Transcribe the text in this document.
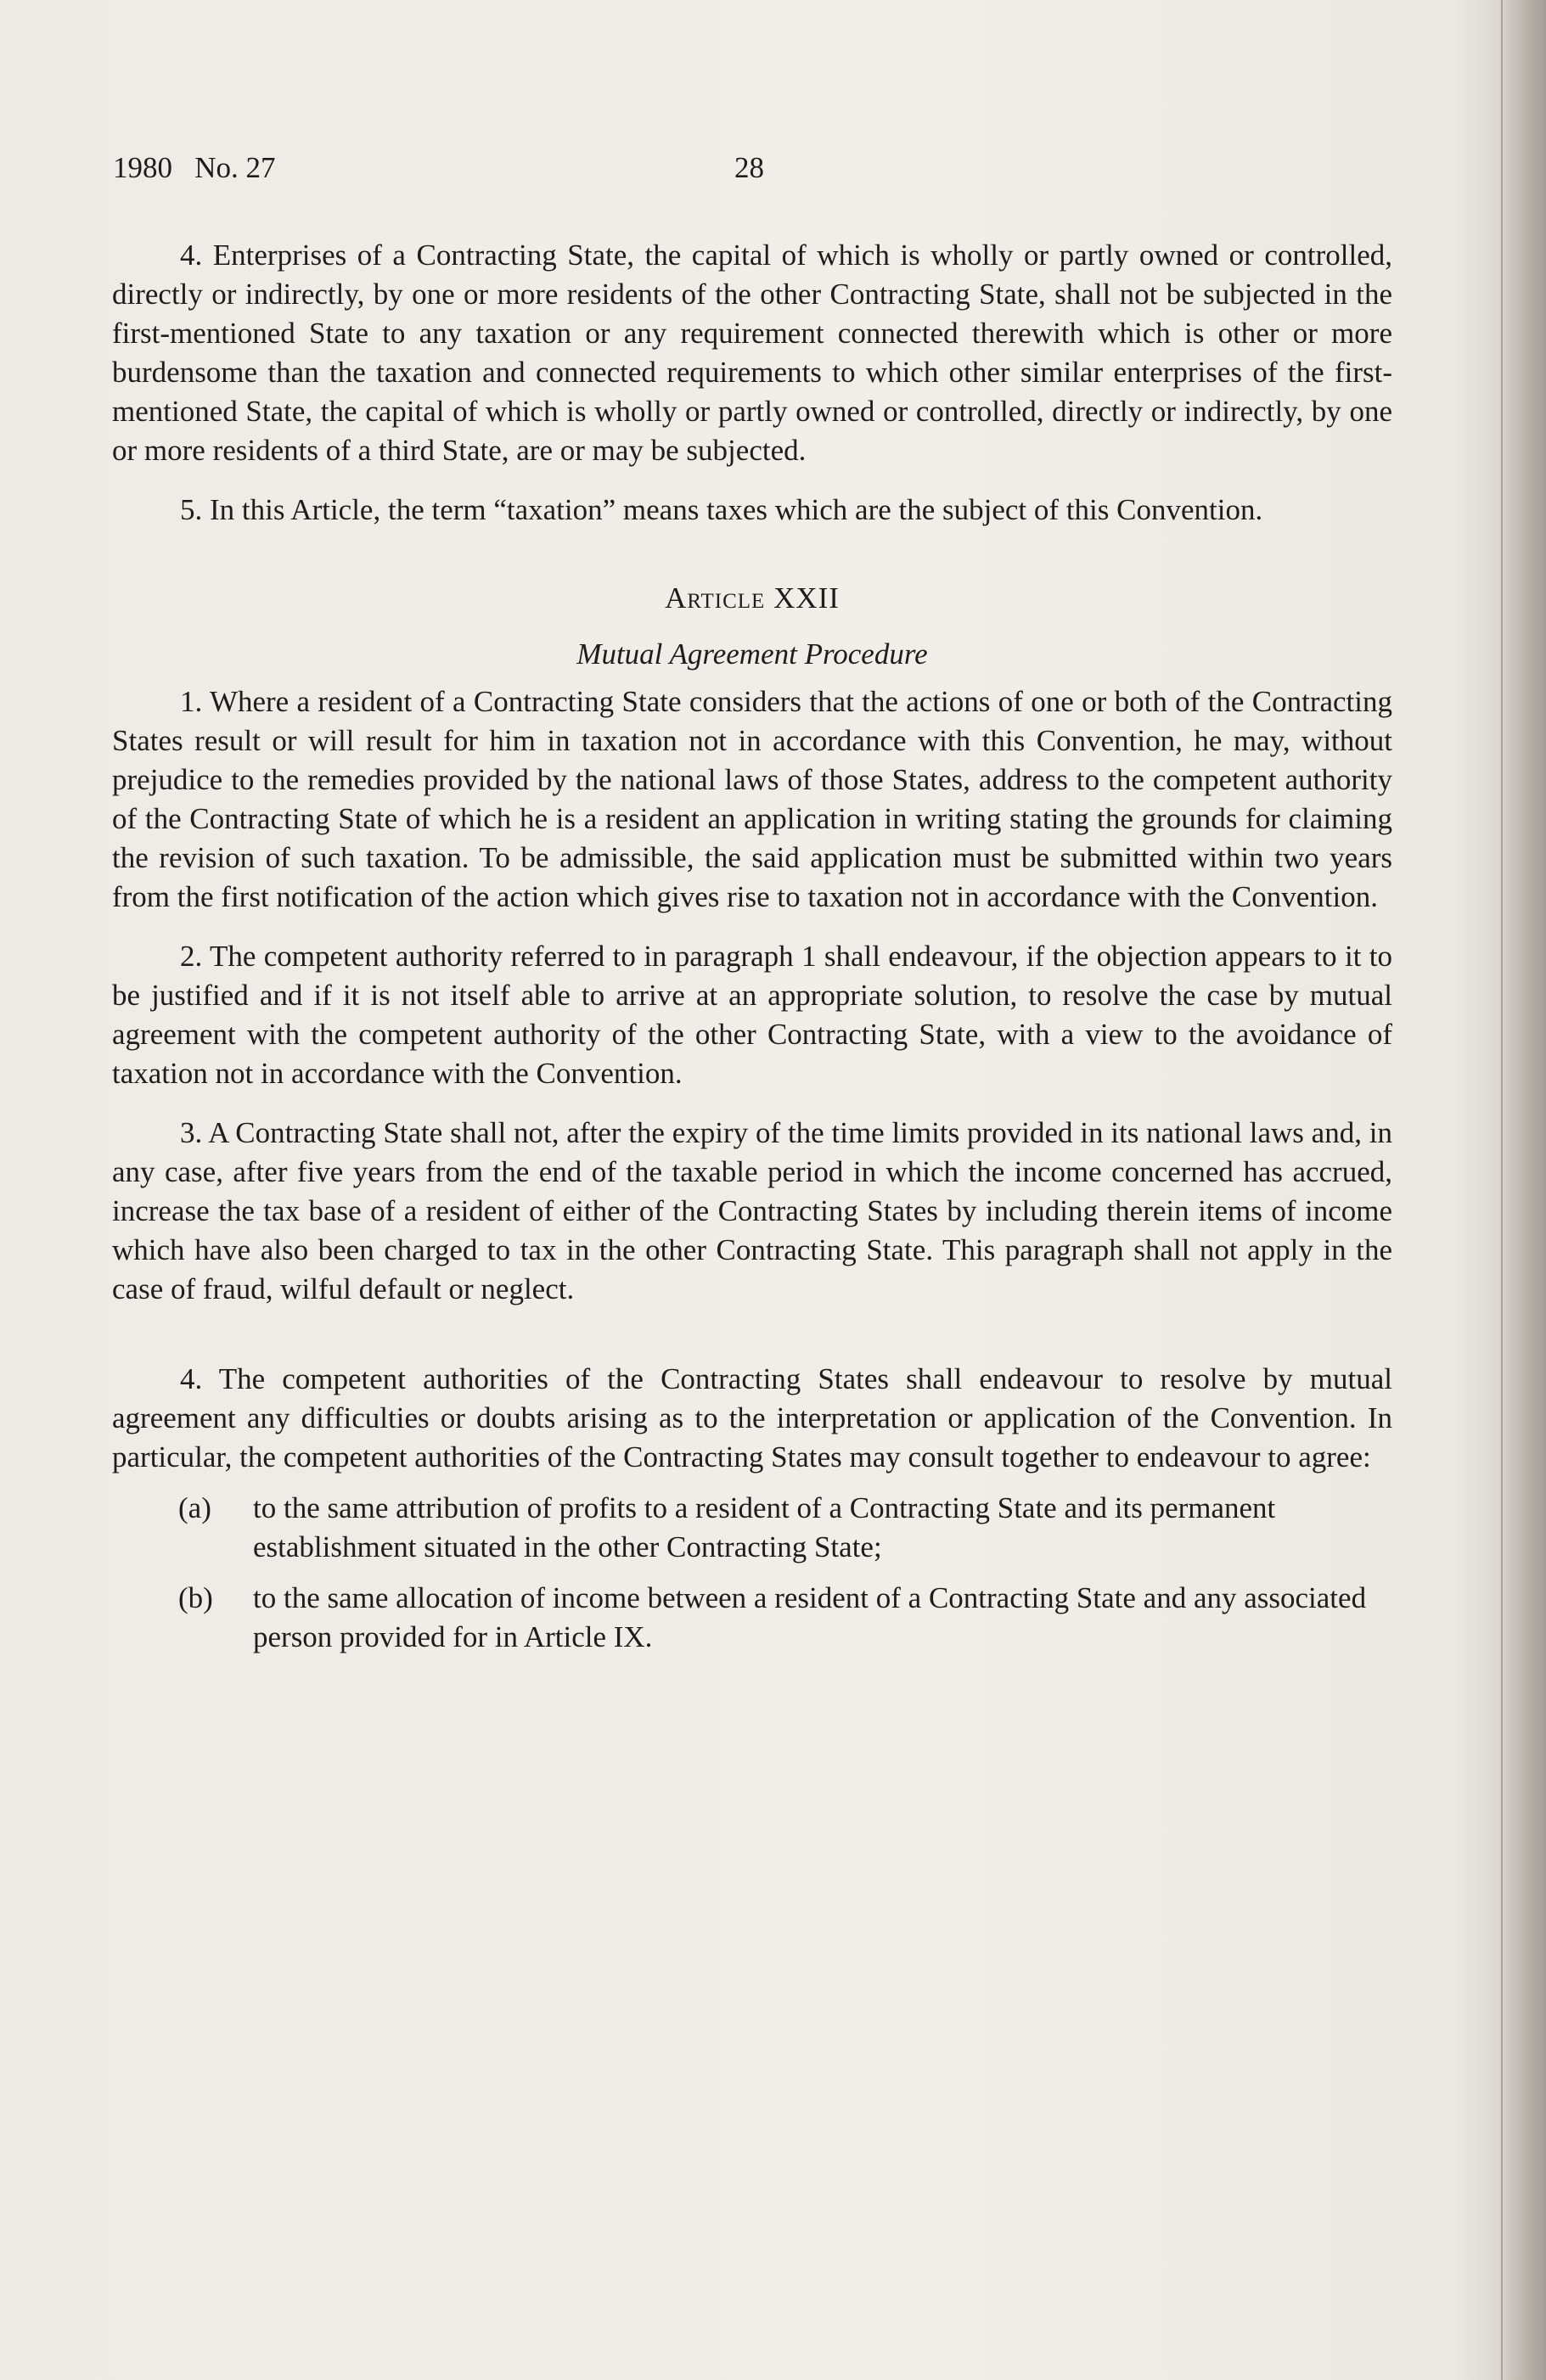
1980   No. 27	28

4. Enterprises of a Contracting State, the capital of which is wholly or partly owned or controlled, directly or indirectly, by one or more residents of the other Contracting State, shall not be subjected in the first-mentioned State to any taxation or any requirement connected therewith which is other or more burdensome than the taxation and connected requirements to which other similar enterprises of the first-mentioned State, the capital of which is wholly or partly owned or controlled, directly or indirectly, by one or more residents of a third State, are or may be subjected.

5. In this Article, the term “taxation” means taxes which are the subject of this Convention.

Article XXII

Mutual Agreement Procedure

1. Where a resident of a Contracting State considers that the actions of one or both of the Contracting States result or will result for him in taxation not in accordance with this Convention, he may, without prejudice to the remedies provided by the national laws of those States, address to the competent authority of the Contracting State of which he is a resident an application in writing stating the grounds for claiming the revision of such taxation. To be admissible, the said application must be submitted within two years from the first notification of the action which gives rise to taxation not in accordance with the Convention.

2. The competent authority referred to in paragraph 1 shall endeavour, if the objection appears to it to be justified and if it is not itself able to arrive at an appropriate solution, to resolve the case by mutual agreement with the competent authority of the other Contracting State, with a view to the avoidance of taxation not in accordance with the Convention.

3. A Contracting State shall not, after the expiry of the time limits provided in its national laws and, in any case, after five years from the end of the taxable period in which the income concerned has accrued, increase the tax base of a resident of either of the Contracting States by including therein items of income which have also been charged to tax in the other Contracting State. This paragraph shall not apply in the case of fraud, wilful default or neglect.

4. The competent authorities of the Contracting States shall endeavour to resolve by mutual agreement any difficulties or doubts arising as to the interpretation or application of the Convention. In particular, the competent authorities of the Contracting States may consult together to endeavour to agree:

(a)	to the same attribution of profits to a resident of a Contracting State and its permanent establishment situated in the other Contracting State;
(b)	to the same allocation of income between a resident of a Contracting State and any associated person provided for in Article IX.
